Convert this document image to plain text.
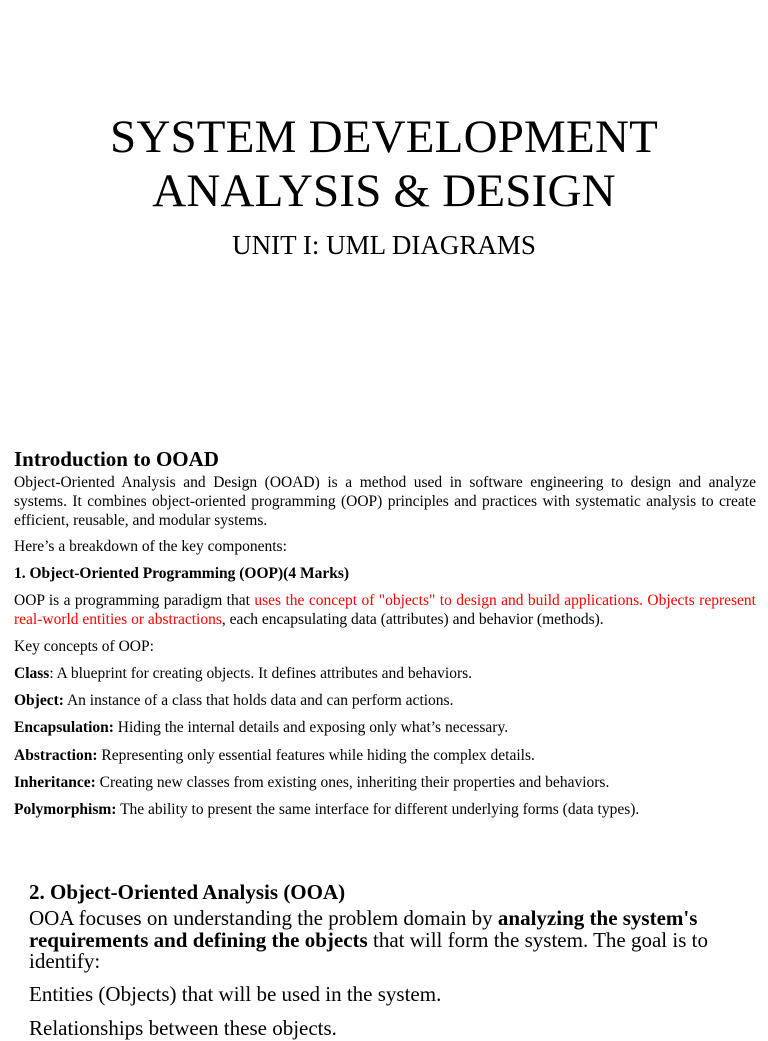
SYSTEM DEVELOPMENT
ANALYSIS & DESIGN
UNIT I: UML DIAGRAMS

Introduction to OOAD

Object-Oriented Analysis and Design (OOAD) is a method used in software engineering to design and analyze systems. It combines object-oriented programming (OOP) principles and practices with systematic analysis to create efficient, reusable, and modular systems.

Here’s a breakdown of the key components:

1. Object-Oriented Programming (OOP)(4 Marks)

OOP is a programming paradigm that uses the concept of "objects" to design and build applications. Objects represent real-world entities or abstractions, each encapsulating data (attributes) and behavior (methods).

Key concepts of OOP:

Class: A blueprint for creating objects. It defines attributes and behaviors.

Object: An instance of a class that holds data and can perform actions.

Encapsulation: Hiding the internal details and exposing only what’s necessary.

Abstraction: Representing only essential features while hiding the complex details.

Inheritance: Creating new classes from existing ones, inheriting their properties and behaviors.

Polymorphism: The ability to present the same interface for different underlying forms (data types).

2. Object-Oriented Analysis (OOA)

OOA focuses on understanding the problem domain by analyzing the system's requirements and defining the objects that will form the system. The goal is to identify:

Entities (Objects) that will be used in the system.

Relationships between these objects.
